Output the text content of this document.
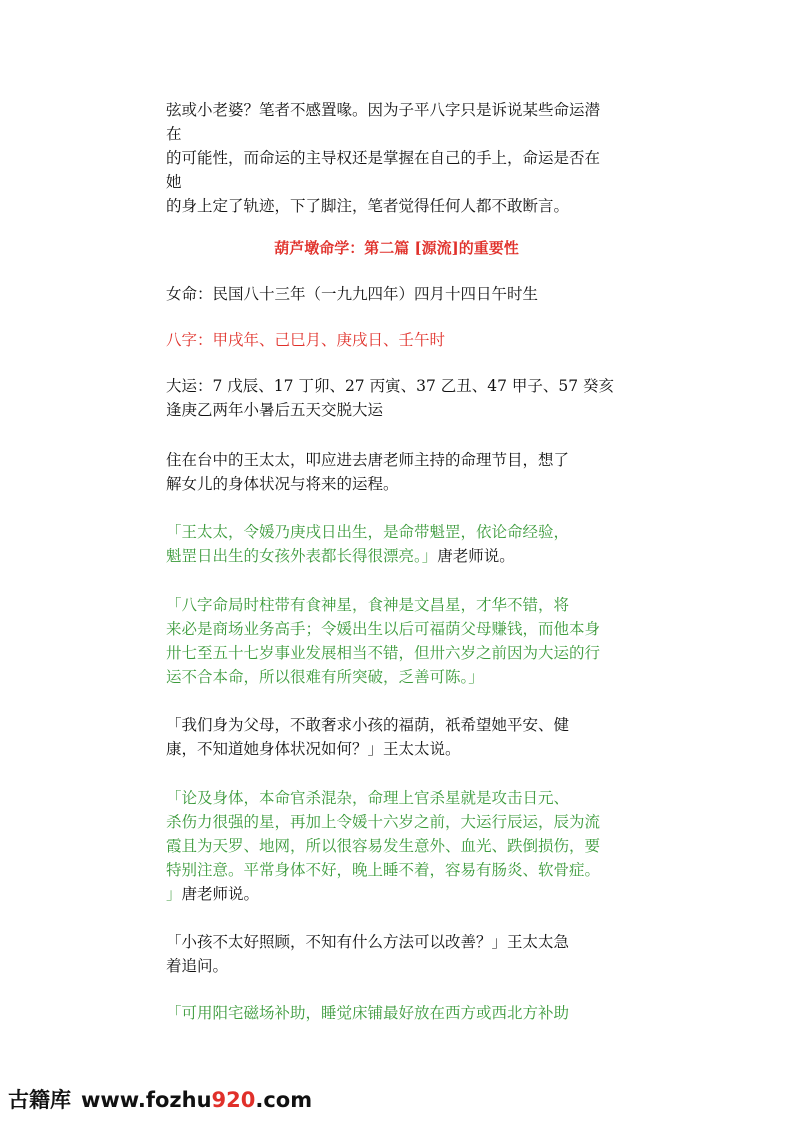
弦或小老婆？笔者不感置喙。因为子平八字只是诉说某些命运潜
在
的可能性，而命运的主导权还是掌握在自己的手上，命运是否在
她
的身上定了轨迹，下了脚注，笔者觉得任何人都不敢断言。
葫芦墩命学：第二篇 [源流]的重要性
女命：民国八十三年（一九九四年）四月十四日午时生
八字：甲戌年、己巳月、庚戌日、壬午时
大运：7 戊辰、17 丁卯、27 丙寅、37 乙丑、47 甲子、57 癸亥
逢庚乙两年小暑后五天交脱大运
住在台中的王太太，叩应进去唐老师主持的命理节目，想了
解女儿的身体状况与将来的运程。
「王太太，令媛乃庚戌日出生，是命带魁罡，依论命经验，
魁罡日出生的女孩外表都长得很漂亮。」唐老师说。
「八字命局时柱带有食神星，食神是文昌星，才华不错，将
来必是商场业务高手；令媛出生以后可福荫父母赚钱，而他本身
卅七至五十七岁事业发展相当不错，但卅六岁之前因为大运的行
运不合本命，所以很难有所突破，乏善可陈。」
「我们身为父母，不敢奢求小孩的福荫，祇希望她平安、健
康，不知道她身体状况如何？」王太太说。
「论及身体，本命官杀混杂，命理上官杀星就是攻击日元、
杀伤力很强的星，再加上令媛十六岁之前，大运行辰运，辰为流
霞且为天罗、地网，所以很容易发生意外、血光、跌倒损伤，要
特别注意。平常身体不好，晚上睡不着，容易有肠炎、软骨症。
」唐老师说。
「小孩不太好照顾，不知有什么方法可以改善？」王太太急
着追问。
「可用阳宅磁场补助，睡觉床铺最好放在西方或西北方补助
古籍库 www.fozhu920.com
